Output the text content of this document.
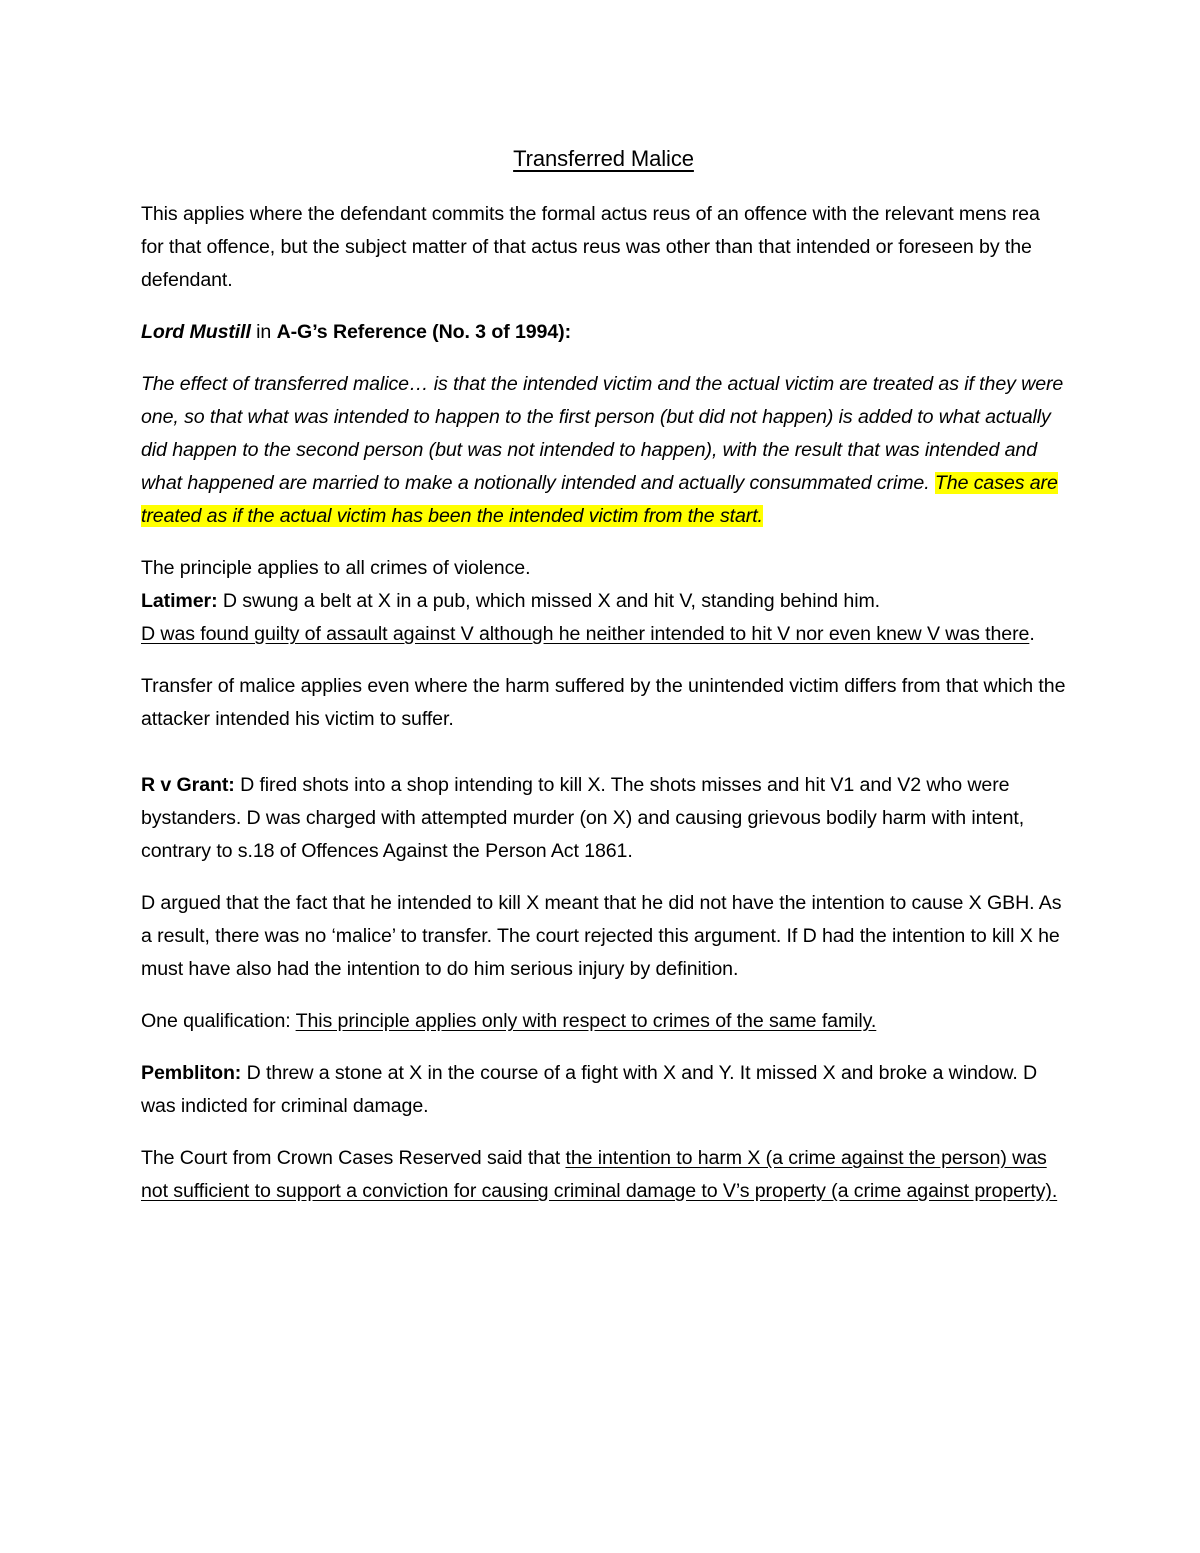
Transferred Malice

This applies where the defendant commits the formal actus reus of an offence with the relevant mens rea for that offence, but the subject matter of that actus reus was other than that intended or foreseen by the defendant.

Lord Mustill in A-G’s Reference (No. 3 of 1994):

The effect of transferred malice… is that the intended victim and the actual victim are treated as if they were one, so that what was intended to happen to the first person (but did not happen) is added to what actually did happen to the second person (but was not intended to happen), with the result that was intended and what happened are married to make a notionally intended and actually consummated crime. The cases are treated as if the actual victim has been the intended victim from the start.

The principle applies to all crimes of violence.

Latimer: D swung a belt at X in a pub, which missed X and hit V, standing behind him.

D was found guilty of assault against V although he neither intended to hit V nor even knew V was there.

Transfer of malice applies even where the harm suffered by the unintended victim differs from that which the attacker intended his victim to suffer.

R v Grant: D fired shots into a shop intending to kill X. The shots misses and hit V1 and V2 who were bystanders. D was charged with attempted murder (on X) and causing grievous bodily harm with intent, contrary to s.18 of Offences Against the Person Act 1861.

D argued that the fact that he intended to kill X meant that he did not have the intention to cause X GBH. As a result, there was no ‘malice’ to transfer. The court rejected this argument. If D had the intention to kill X he must have also had the intention to do him serious injury by definition.

One qualification: This principle applies only with respect to crimes of the same family.

Pembliton: D threw a stone at X in the course of a fight with X and Y. It missed X and broke a window. D was indicted for criminal damage.

The Court from Crown Cases Reserved said that the intention to harm X (a crime against the person) was not sufficient to support a conviction for causing criminal damage to V’s property (a crime against property).
